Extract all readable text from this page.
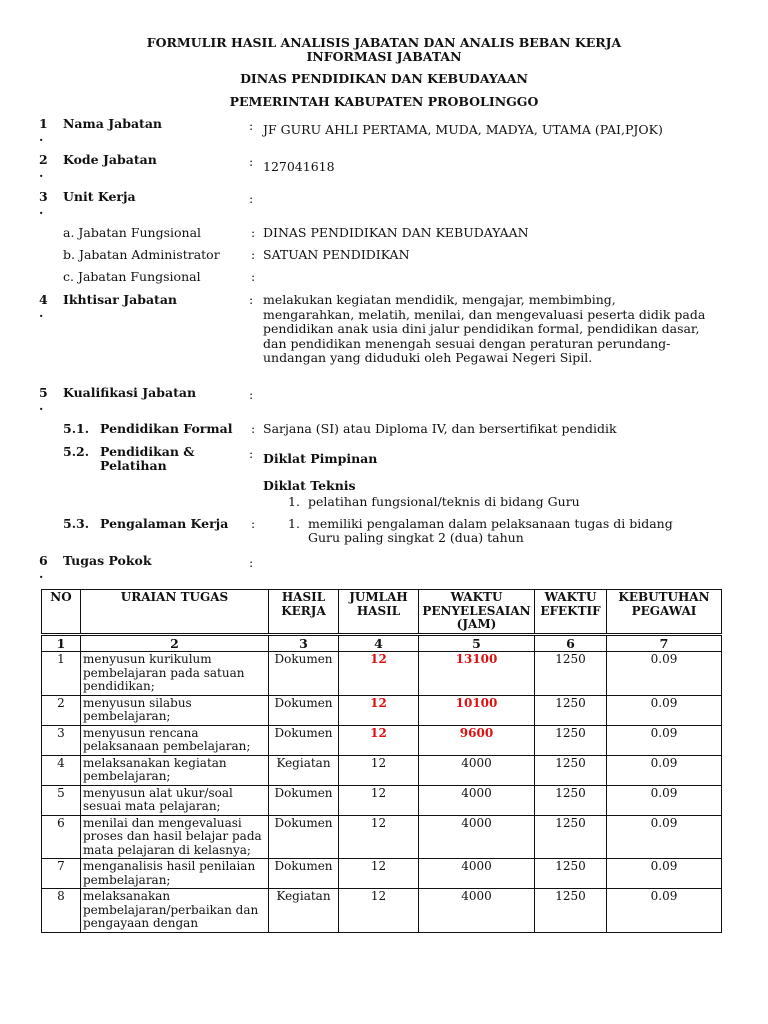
FORMULIR HASIL ANALISIS JABATAN DAN ANALIS BEBAN KERJA
INFORMASI JABATAN
DINAS PENDIDIKAN DAN KEBUDAYAAN
PEMERINTAH KABUPATEN PROBOLINGGO
1
.
Nama Jabatan	: JF GURU AHLI PERTAMA, MUDA, MADYA, UTAMA (PAI,PJOK)
2
.
Kode Jabatan	: 127041618
3
.
Unit Kerja	:
a. Jabatan Fungsional	: DINAS PENDIDIKAN DAN KEBUDAYAAN
b. Jabatan Administrator	: SATUAN PENDIDIKAN
c. Jabatan Fungsional	:
4
.
Ikhtisar Jabatan	: melakukan kegiatan mendidik, mengajar, membimbing, mengarahkan, melatih, menilai, dan mengevaluasi peserta didik pada pendidikan anak usia dini jalur pendidikan formal, pendidikan dasar, dan pendidikan menengah sesuai dengan peraturan perundang-undangan yang diduduki oleh Pegawai Negeri Sipil.
5
.
Kualifikasi Jabatan	:
5.1. Pendidikan Formal : Sarjana (SI) atau Diploma IV, dan bersertifikat pendidik
5.2. Pendidikan &
Pelatihan
: Diklat Pimpinan
Diklat Teknis
1. pelatihan fungsional/teknis di bidang Guru
5.3. Pengalaman Kerja :	1. memiliki pengalaman dalam pelaksanaan tugas di bidang
Guru paling singkat 2 (dua) tahun
6
.
Tugas Pokok	:
NO	URAIAN TUGAS	HASIL KERJA	JUMLAH HASIL	WAKTU PENYELESAIAN (JAM)	WAKTU EFEKTIF	KEBUTUHAN PEGAWAI
1	2	3	4	5	6	7
1	menyusun kurikulum pembelajaran pada satuan pendidikan;	Dokumen	12	13100	1250	0.09
2	menyusun silabus pembelajaran;	Dokumen	12	10100	1250	0.09
3	menyusun rencana pelaksanaan pembelajaran;	Dokumen	12	9600	1250	0.09
4	melaksanakan kegiatan pembelajaran;	Kegiatan	12	4000	1250	0.09
5	menyusun alat ukur/soal sesuai mata pelajaran;	Dokumen	12	4000	1250	0.09
6	menilai dan mengevaluasi proses dan hasil belajar pada mata pelajaran di kelasnya;	Dokumen	12	4000	1250	0.09
7	menganalisis hasil penilaian pembelajaran;	Dokumen	12	4000	1250	0.09
8	melaksanakan pembelajaran/perbaikan dan pengayaan dengan	Kegiatan	12	4000	1250	0.09
